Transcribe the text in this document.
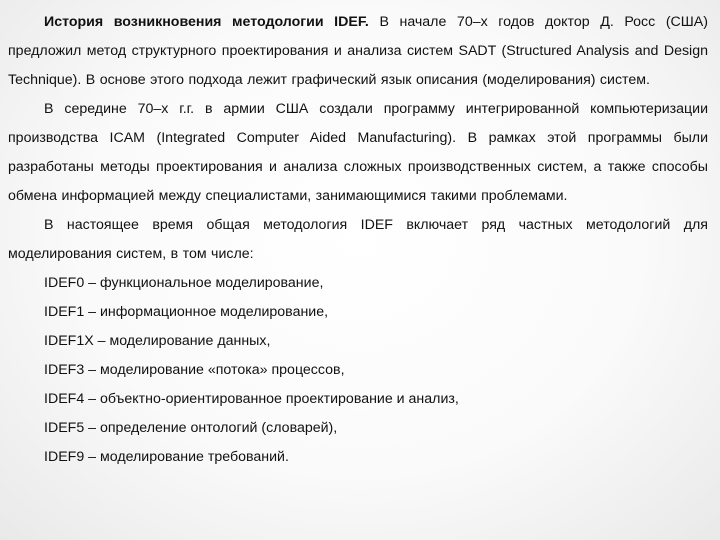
История возникновения методологии IDEF. В начале 70–х годов доктор Д. Росс (США) предложил метод структурного проектирования и анализа систем SADT (Structured Analysis and Design Technique). В основе этого подхода лежит графический язык описания (моделирования) систем.

В середине 70–х г.г. в армии США создали программу интегрированной компьютеризации производства ICAM (Integrated Computer Aided Manufacturing). В рамках этой программы были разработаны методы проектирования и анализа сложных производственных систем, а также способы обмена информацией между специалистами, занимающимися такими проблемами.

В настоящее время общая методология IDEF включает ряд частных методологий для моделирования систем, в том числе:

IDEF0 – функциональное моделирование,

IDEF1 – информационное моделирование,

IDEF1X – моделирование данных,

IDEF3 – моделирование «потока» процессов,

IDEF4 – объектно-ориентированное проектирование и анализ,

IDEF5 – определение онтологий (словарей),

IDEF9 – моделирование требований.
